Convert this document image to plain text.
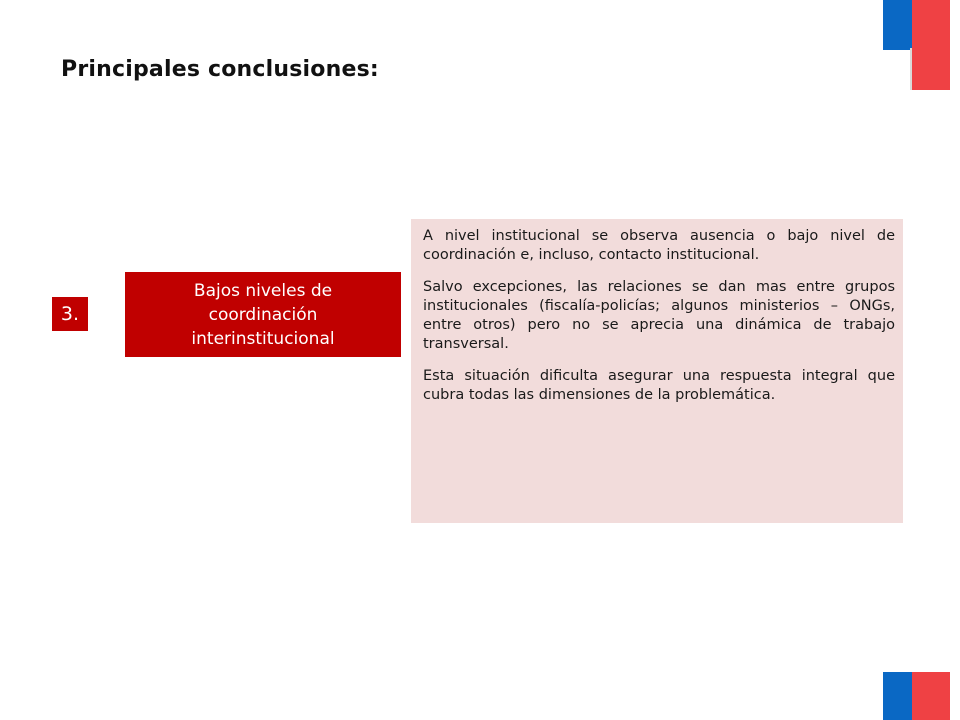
Principales conclusiones:
3.
Bajos niveles de coordinación interinstitucional

A nivel institucional se observa ausencia o bajo nivel de coordinación e, incluso, contacto institucional.

Salvo excepciones, las relaciones se dan mas entre grupos institucionales (fiscalía-policías; algunos ministerios – ONGs, entre otros) pero no se aprecia una dinámica de trabajo transversal.

Esta situación dificulta asegurar una respuesta integral que cubra todas las dimensiones de la problemática.
